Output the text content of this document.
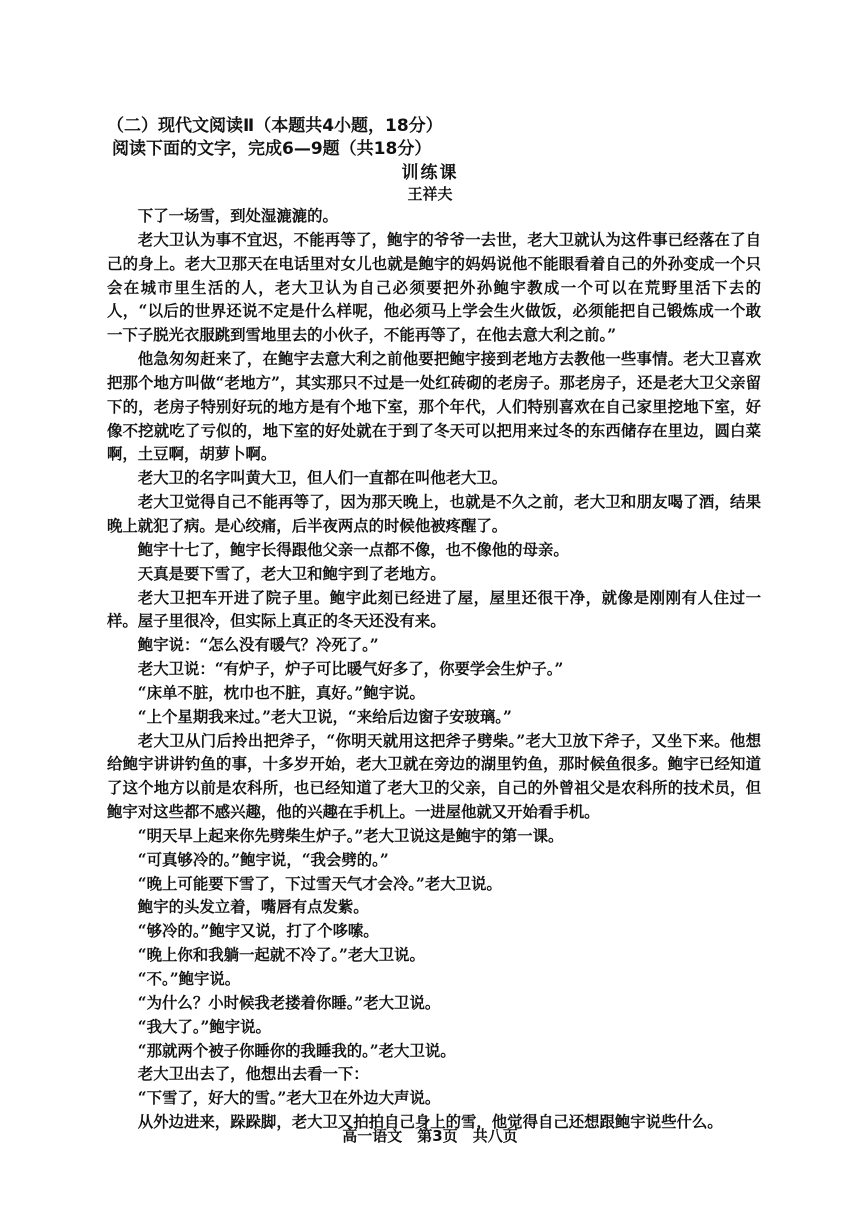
（二）现代文阅读Ⅱ（本题共4小题，18分）
阅读下面的文字，完成6—9题（共18分）
训练课
王祥夫

下了一场雪，到处湿漉漉的。

老大卫认为事不宜迟，不能再等了，鲍宇的爷爷一去世，老大卫就认为这件事已经落在了自己的身上。老大卫那天在电话里对女儿也就是鲍宇的妈妈说他不能眼看着自己的外孙变成一个只会在城市里生活的人，老大卫认为自己必须要把外孙鲍宇教成一个可以在荒野里活下去的人，“以后的世界还说不定是什么样呢，他必须马上学会生火做饭，必须能把自己锻炼成一个敢一下子脱光衣服跳到雪地里去的小伙子，不能再等了，在他去意大利之前。”

他急匆匆赶来了，在鲍宇去意大利之前他要把鲍宇接到老地方去教他一些事情。老大卫喜欢把那个地方叫做“老地方”，其实那只不过是一处红砖砌的老房子。那老房子，还是老大卫父亲留下的，老房子特别好玩的地方是有个地下室，那个年代，人们特别喜欢在自己家里挖地下室，好像不挖就吃了亏似的，地下室的好处就在于到了冬天可以把用来过冬的东西储存在里边，圆白菜啊，土豆啊，胡萝卜啊。

老大卫的名字叫黄大卫，但人们一直都在叫他老大卫。

老大卫觉得自己不能再等了，因为那天晚上，也就是不久之前，老大卫和朋友喝了酒，结果晚上就犯了病。是心绞痛，后半夜两点的时候他被疼醒了。

鲍宇十七了，鲍宇长得跟他父亲一点都不像，也不像他的母亲。

天真是要下雪了，老大卫和鲍宇到了老地方。

老大卫把车开进了院子里。鲍宇此刻已经进了屋，屋里还很干净，就像是刚刚有人住过一样。屋子里很冷，但实际上真正的冬天还没有来。

鲍宇说：“怎么没有暖气？冷死了。”

老大卫说：“有炉子，炉子可比暖气好多了，你要学会生炉子。”

“床单不脏，枕巾也不脏，真好。”鲍宇说。

“上个星期我来过。”老大卫说，“来给后边窗子安玻璃。”

老大卫从门后拎出把斧子，“你明天就用这把斧子劈柴。”老大卫放下斧子，又坐下来。他想给鲍宇讲讲钓鱼的事，十多岁开始，老大卫就在旁边的湖里钓鱼，那时候鱼很多。鲍宇已经知道了这个地方以前是农科所，也已经知道了老大卫的父亲，自己的外曾祖父是农科所的技术员，但鲍宇对这些都不感兴趣，他的兴趣在手机上。一进屋他就又开始看手机。

“明天早上起来你先劈柴生炉子。”老大卫说这是鲍宇的第一课。

“可真够冷的。”鲍宇说，“我会劈的。”

“晚上可能要下雪了，下过雪天气才会冷。”老大卫说。

鲍宇的头发立着，嘴唇有点发紫。

“够冷的。”鲍宇又说，打了个哆嗦。

“晚上你和我躺一起就不冷了。”老大卫说。

“不。”鲍宇说。

“为什么？小时候我老搂着你睡。”老大卫说。

“我大了。”鲍宇说。

“那就两个被子你睡你的我睡我的。”老大卫说。

老大卫出去了，他想出去看一下：

“下雪了，好大的雪。”老大卫在外边大声说。

从外边进来，跺跺脚，老大卫又拍拍自己身上的雪，他觉得自己还想跟鲍宇说些什么。

高一语文　第3页　共八页
